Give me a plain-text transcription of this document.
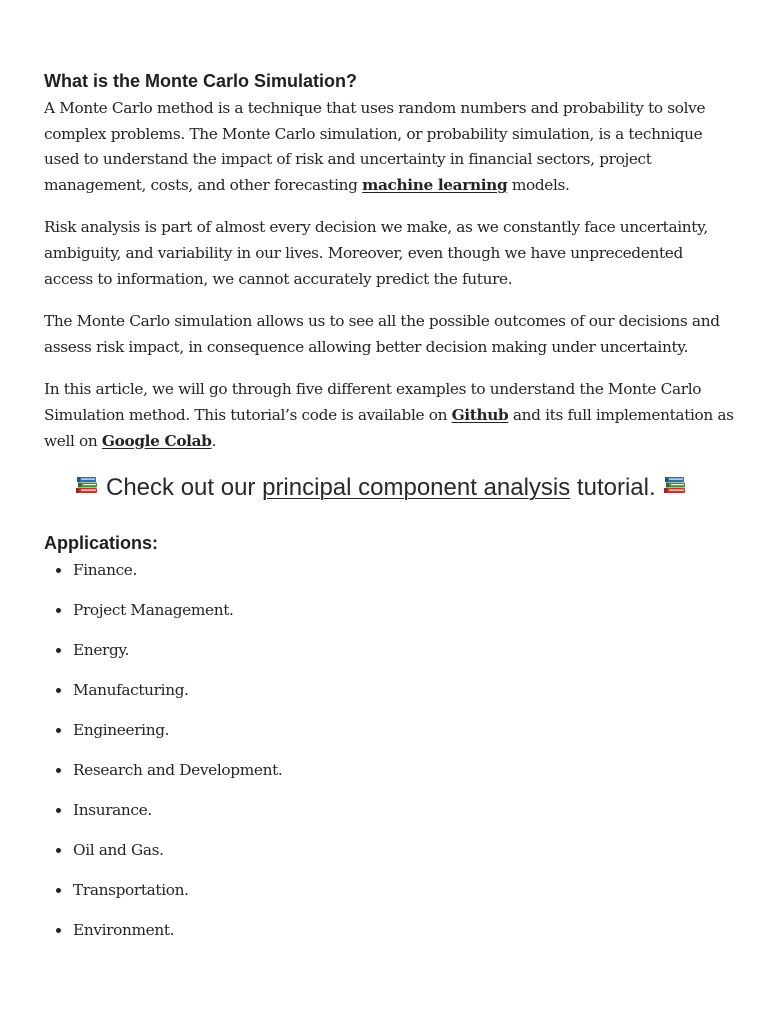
What is the Monte Carlo Simulation?

A Monte Carlo method is a technique that uses random numbers and probability to solve complex problems. The Monte Carlo simulation, or probability simulation, is a technique used to understand the impact of risk and uncertainty in financial sectors, project management, costs, and other forecasting machine learning models.

Risk analysis is part of almost every decision we make, as we constantly face uncertainty, ambiguity, and variability in our lives. Moreover, even though we have unprecedented access to information, we cannot accurately predict the future.

The Monte Carlo simulation allows us to see all the possible outcomes of our decisions and assess risk impact, in consequence allowing better decision making under uncertainty.

In this article, we will go through five different examples to understand the Monte Carlo Simulation method. This tutorial’s code is available on Github and its full implementation as well on Google Colab.

Check out our principal component analysis tutorial.
Applications:
Finance.
Project Management.
Energy.
Manufacturing.
Engineering.
Research and Development.
Insurance.
Oil and Gas.
Transportation.
Environment.
